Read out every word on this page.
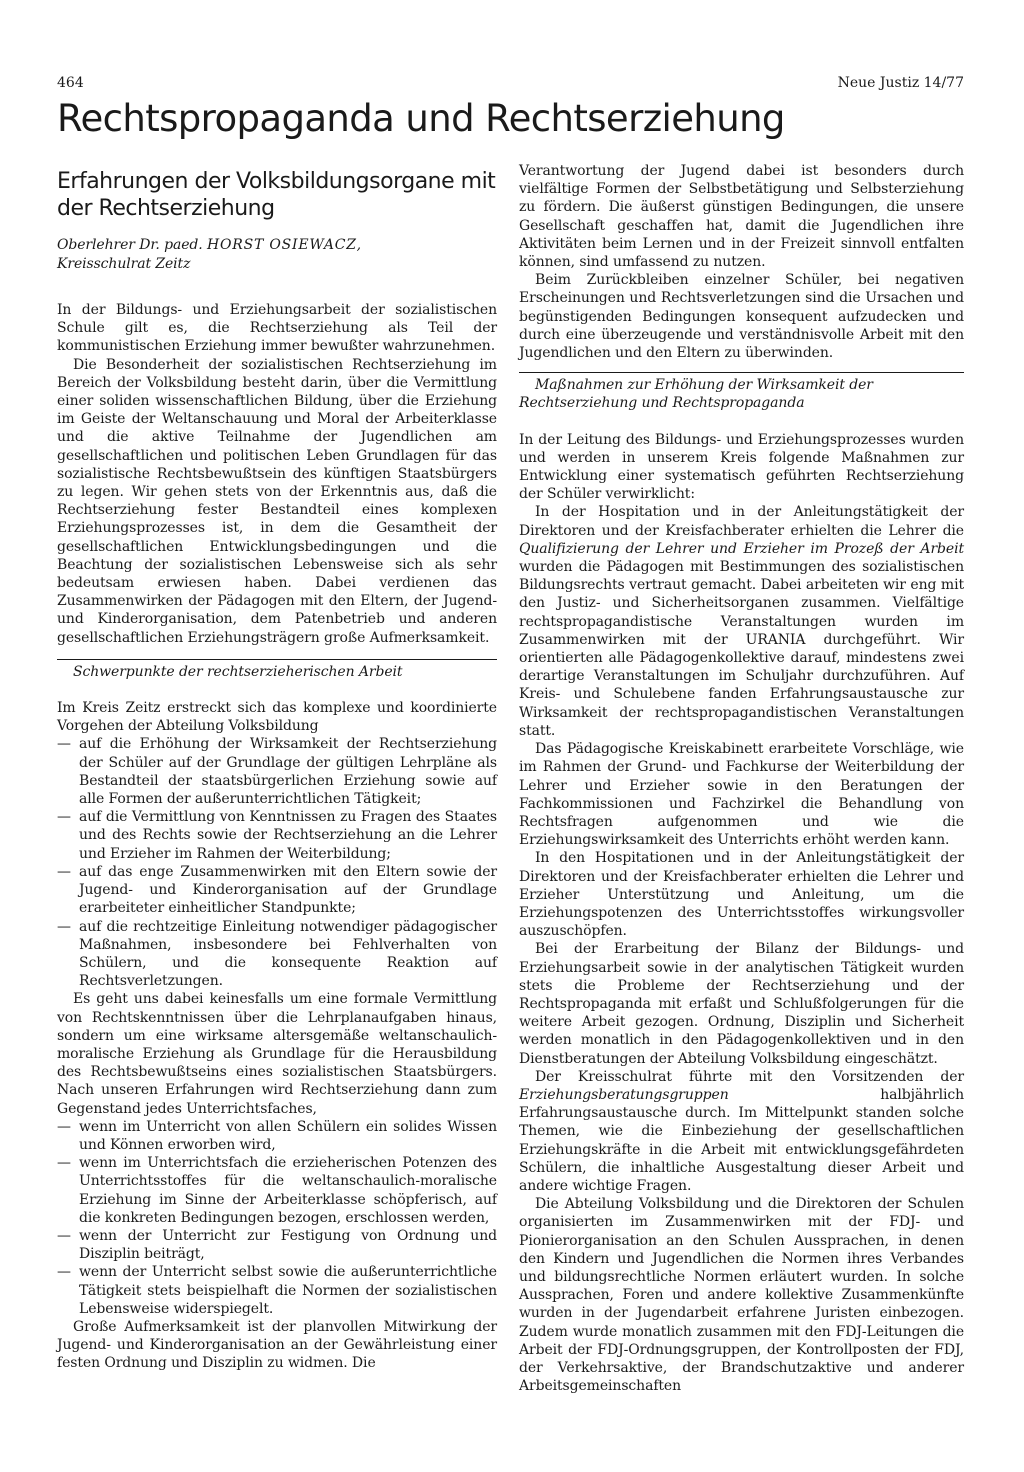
464	Neue Justiz 14/77
Rechtspropaganda und Rechtserziehung
Erfahrungen der Volksbildungsorgane mit der Rechtserziehung
Oberlehrer Dr. paed. HORST OSIEWACZ,
Kreisschulrat Zeitz

In der Bildungs- und Erziehungsarbeit der sozialistischen Schule gilt es, die Rechtserziehung als Teil der kommunistischen Erziehung immer bewußter wahrzunehmen.

Die Besonderheit der sozialistischen Rechtserziehung im Bereich der Volksbildung besteht darin, über die Vermittlung einer soliden wissenschaftlichen Bildung, über die Erziehung im Geiste der Weltanschauung und Moral der Arbeiterklasse und die aktive Teilnahme der Jugendlichen am gesellschaftlichen und politischen Leben Grundlagen für das sozialistische Rechtsbewußtsein des künftigen Staatsbürgers zu legen. Wir gehen stets von der Erkenntnis aus, daß die Rechtserziehung fester Bestandteil eines komplexen Erziehungsprozesses ist, in dem die Gesamtheit der gesellschaftlichen Entwicklungsbedingungen und die Beachtung der sozialistischen Lebensweise sich als sehr bedeutsam erwiesen haben. Dabei verdienen das Zusammenwirken der Pädagogen mit den Eltern, der Jugend- und Kinderorganisation, dem Patenbetrieb und anderen gesellschaftlichen Erziehungsträgern große Aufmerksamkeit.

Schwerpunkte der rechtserzieherischen Arbeit

Im Kreis Zeitz erstreckt sich das komplexe und koordinierte Vorgehen der Abteilung Volksbildung

— auf die Erhöhung der Wirksamkeit der Rechtserziehung der Schüler auf der Grundlage der gültigen Lehrpläne als Bestandteil der staatsbürgerlichen Erziehung sowie auf alle Formen der außerunterrichtlichen Tätigkeit;
— auf die Vermittlung von Kenntnissen zu Fragen des Staates und des Rechts sowie der Rechtserziehung an die Lehrer und Erzieher im Rahmen der Weiterbildung;
— auf das enge Zusammenwirken mit den Eltern sowie der Jugend- und Kinderorganisation auf der Grundlage erarbeiteter einheitlicher Standpunkte;
— auf die rechtzeitige Einleitung notwendiger pädagogischer Maßnahmen, insbesondere bei Fehlverhalten von Schülern, und die konsequente Reaktion auf Rechtsverletzungen.

Es geht uns dabei keinesfalls um eine formale Vermittlung von Rechtskenntnissen über die Lehrplanaufgaben hinaus, sondern um eine wirksame altersgemäße weltanschaulich-moralische Erziehung als Grundlage für die Herausbildung des Rechtsbewußtseins eines sozialistischen Staatsbürgers. Nach unseren Erfahrungen wird Rechtserziehung dann zum Gegenstand jedes Unterrichtsfaches,

— wenn im Unterricht von allen Schülern ein solides Wissen und Können erworben wird,
— wenn im Unterrichtsfach die erzieherischen Potenzen des Unterrichtsstoffes für die weltanschaulich-moralische Erziehung im Sinne der Arbeiterklasse schöpferisch, auf die konkreten Bedingungen bezogen, erschlossen werden,
— wenn der Unterricht zur Festigung von Ordnung und Disziplin beiträgt,
— wenn der Unterricht selbst sowie die außerunterrichtliche Tätigkeit stets beispielhaft die Normen der sozialistischen Lebensweise widerspiegelt.

Große Aufmerksamkeit ist der planvollen Mitwirkung der Jugend- und Kinderorganisation an der Gewährleistung einer festen Ordnung und Disziplin zu widmen. Die

Verantwortung der Jugend dabei ist besonders durch vielfältige Formen der Selbstbetätigung und Selbsterziehung zu fördern. Die äußerst günstigen Bedingungen, die unsere Gesellschaft geschaffen hat, damit die Jugendlichen ihre Aktivitäten beim Lernen und in der Freizeit sinnvoll entfalten können, sind umfassend zu nutzen.

Beim Zurückbleiben einzelner Schüler, bei negativen Erscheinungen und Rechtsverletzungen sind die Ursachen und begünstigenden Bedingungen konsequent aufzudecken und durch eine überzeugende und verständnisvolle Arbeit mit den Jugendlichen und den Eltern zu überwinden.

Maßnahmen zur Erhöhung der Wirksamkeit der Rechtserziehung und Rechtspropaganda

In der Leitung des Bildungs- und Erziehungsprozesses wurden und werden in unserem Kreis folgende Maßnahmen zur Entwicklung einer systematisch geführten Rechtserziehung der Schüler verwirklicht:

In der Hospitation und in der Anleitungstätigkeit der Direktoren und der Kreisfachberater erhielten die Lehrer die Qualifizierung der Lehrer und Erzieher im Prozeß der Arbeit wurden die Pädagogen mit Bestimmungen des sozialistischen Bildungsrechts vertraut gemacht. Dabei arbeiteten wir eng mit den Justiz- und Sicherheitsorganen zusammen. Vielfältige rechtspropagandistische Veranstaltungen wurden im Zusammenwirken mit der URANIA durchgeführt. Wir orientierten alle Pädagogenkollektive darauf, mindestens zwei derartige Veranstaltungen im Schuljahr durchzuführen. Auf Kreis- und Schulebene fanden Erfahrungsaustausche zur Wirksamkeit der rechtspropagandistischen Veranstaltungen statt.

Das Pädagogische Kreiskabinett erarbeitete Vorschläge, wie im Rahmen der Grund- und Fachkurse der Weiterbildung der Lehrer und Erzieher sowie in den Beratungen der Fachkommissionen und Fachzirkel die Behandlung von Rechtsfragen aufgenommen und wie die Erziehungswirksamkeit des Unterrichts erhöht werden kann.

In den Hospitationen und in der Anleitungstätigkeit der Direktoren und der Kreisfachberater erhielten die Lehrer und Erzieher Unterstützung und Anleitung, um die Erziehungspotenzen des Unterrichtsstoffes wirkungsvoller auszuschöpfen.

Bei der Erarbeitung der Bilanz der Bildungs- und Erziehungsarbeit sowie in der analytischen Tätigkeit wurden stets die Probleme der Rechtserziehung und der Rechtspropaganda mit erfaßt und Schlußfolgerungen für die weitere Arbeit gezogen. Ordnung, Disziplin und Sicherheit werden monatlich in den Pädagogenkollektiven und in den Dienstberatungen der Abteilung Volksbildung eingeschätzt.

Der Kreisschulrat führte mit den Vorsitzenden der Erziehungsberatungsgruppen	halbjährlich Erfahrungsaustausche durch. Im Mittelpunkt standen solche Themen, wie die Einbeziehung der gesellschaftlichen Erziehungskräfte in die Arbeit mit entwicklungsgefährdeten Schülern, die inhaltliche Ausgestaltung dieser Arbeit und andere wichtige Fragen.

Die Abteilung Volksbildung und die Direktoren der Schulen organisierten im Zusammenwirken mit der FDJ- und Pionierorganisation an den Schulen Aussprachen, in denen den Kindern und Jugendlichen die Normen ihres Verbandes und bildungsrechtliche Normen erläutert wurden. In solche Aussprachen, Foren und andere kollektive Zusammenkünfte wurden in der Jugendarbeit erfahrene Juristen einbezogen. Zudem wurde monatlich zusammen mit den FDJ-Leitungen die Arbeit der FDJ-Ordnungsgruppen, der Kontrollposten der FDJ, der Verkehrsaktive, der Brandschutzaktive und anderer Arbeitsgemeinschaften
